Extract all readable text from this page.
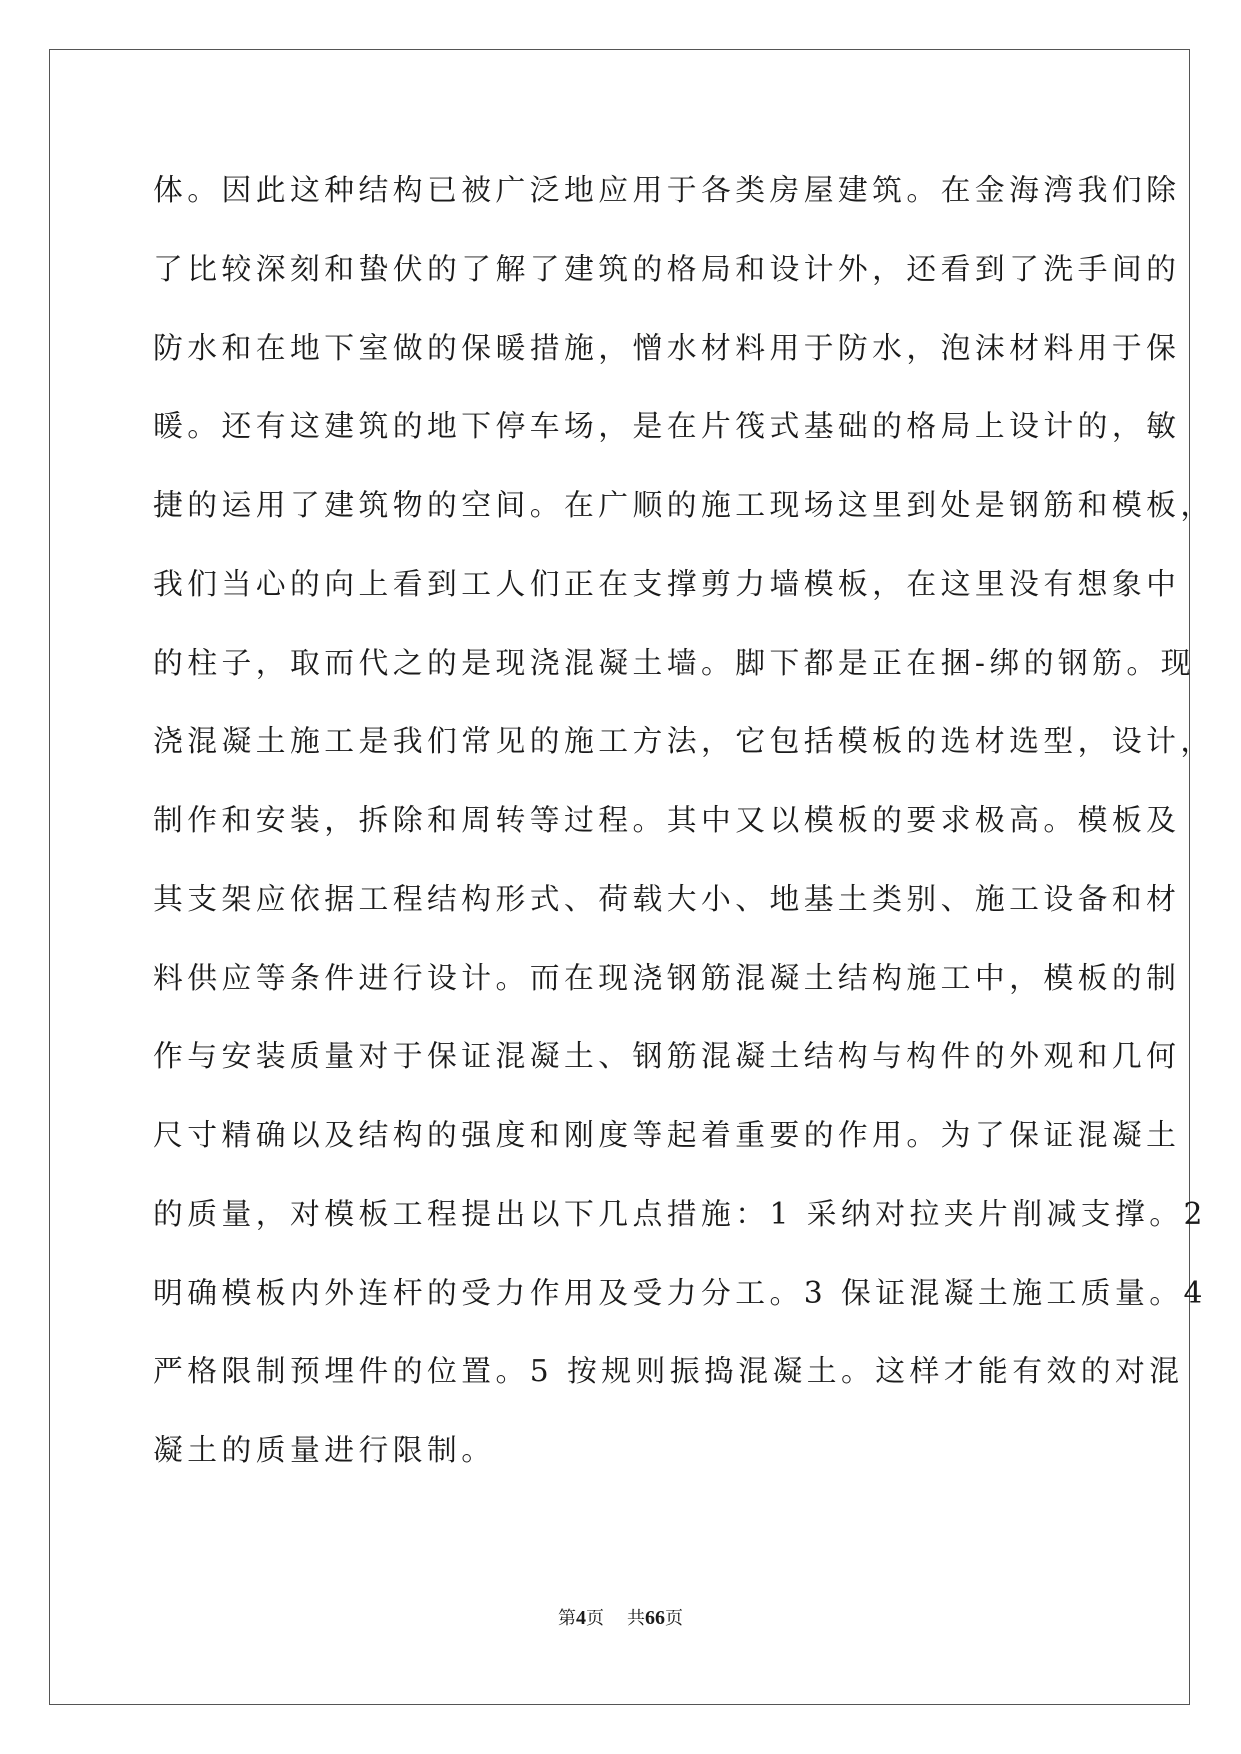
体。因此这种结构已被广泛地应用于各类房屋建筑。在金海湾我们除
了比较深刻和蛰伏的了解了建筑的格局和设计外，还看到了洗手间的
防水和在地下室做的保暖措施，憎水材料用于防水，泡沫材料用于保
暖。还有这建筑的地下停车场，是在片筏式基础的格局上设计的，敏
捷的运用了建筑物的空间。在广顺的施工现场这里到处是钢筋和模板，
我们当心的向上看到工人们正在支撑剪力墙模板，在这里没有想象中
的柱子，取而代之的是现浇混凝土墙。脚下都是正在捆-绑的钢筋。现
浇混凝土施工是我们常见的施工方法，它包括模板的选材选型，设计，
制作和安装，拆除和周转等过程。其中又以模板的要求极高。模板及
其支架应依据工程结构形式、荷载大小、地基土类别、施工设备和材
料供应等条件进行设计。而在现浇钢筋混凝土结构施工中，模板的制
作与安装质量对于保证混凝土、钢筋混凝土结构与构件的外观和几何
尺寸精确以及结构的强度和刚度等起着重要的作用。为了保证混凝土
的质量，对模板工程提出以下几点措施：1 采纳对拉夹片削减支撑。2
明确模板内外连杆的受力作用及受力分工。3 保证混凝土施工质量。4
严格限制预埋件的位置。5 按规则振捣混凝土。这样才能有效的对混
凝土的质量进行限制。
第4页 共66页
